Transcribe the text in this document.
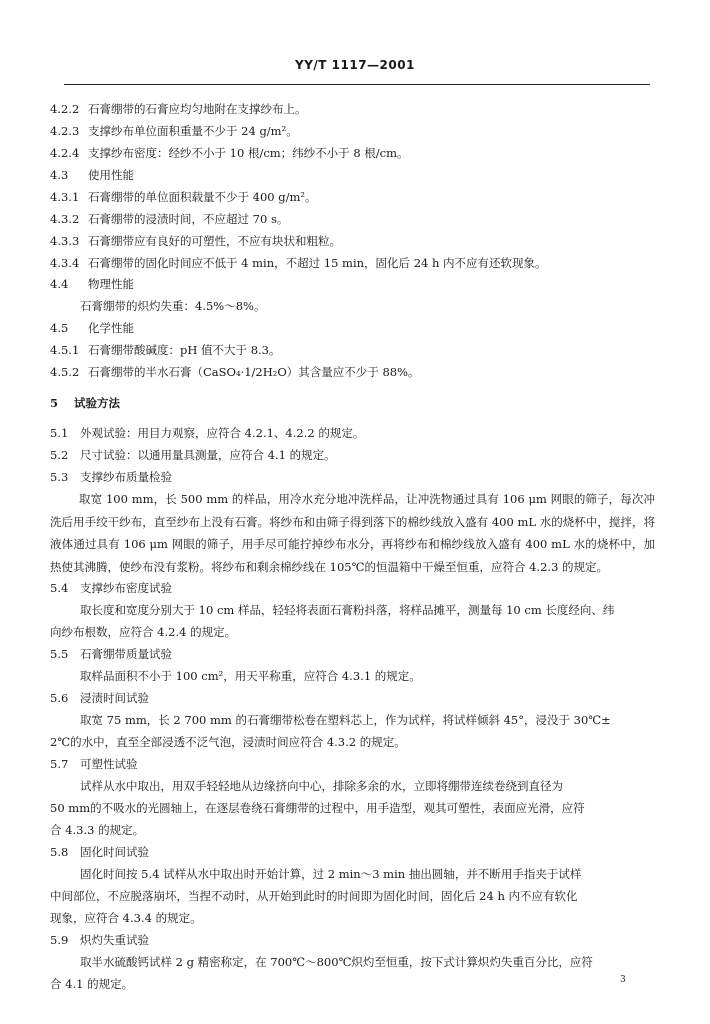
YY/T 1117—2001
4.2.2 石膏绷带的石膏应均匀地附在支撑纱布上。
4.2.3 支撑纱布单位面积重量不少于 24 g/m²。
4.2.4 支撑纱布密度：经纱不小于 10 根/cm；纬纱不小于 8 根/cm。
4.3 使用性能
4.3.1 石膏绷带的单位面积载量不少于 400 g/m²。
4.3.2 石膏绷带的浸渍时间，不应超过 70 s。
4.3.3 石膏绷带应有良好的可塑性，不应有块状和粗粒。
4.3.4 石膏绷带的固化时间应不低于 4 min，不超过 15 min，固化后 24 h 内不应有还软现象。
4.4 物理性能
石膏绷带的炽灼失重：4.5%～8%。
4.5 化学性能
4.5.1 石膏绷带酸碱度：pH 值不大于 8.3。
4.5.2 石膏绷带的半水石膏（CaSO₄·1/2H₂O）其含量应不少于 88%。
5 试验方法
5.1 外观试验：用目力观察，应符合 4.2.1、4.2.2 的规定。
5.2 尺寸试验：以通用量具测量，应符合 4.1 的规定。
5.3 支撑纱布质量检验
取宽 100 mm，长 500 mm 的样品，用冷水充分地冲洗样品，让冲洗物通过具有 106 μm 网眼的筛子，每次冲洗后用手绞干纱布，直至纱布上没有石膏。将纱布和由筛子得到落下的棉纱线放入盛有 400 mL 水的烧杯中，搅拌，将液体通过具有 106 μm 网眼的筛子，用手尽可能拧掉纱布水分，再将纱布和棉纱线放入盛有 400 mL 水的烧杯中，加热使其沸腾，使纱布没有浆粉。将纱布和剩余棉纱线在 105℃的恒温箱中干燥至恒重，应符合 4.2.3 的规定。
5.4 支撑纱布密度试验
取长度和宽度分别大于 10 cm 样品，轻轻将表面石膏粉抖落，将样品摊平，测量每 10 cm 长度经向、纬
向纱布根数，应符合 4.2.4 的规定。
5.5 石膏绷带质量试验
取样品面积不小于 100 cm²，用天平称重，应符合 4.3.1 的规定。
5.6 浸渍时间试验
取宽 75 mm，长 2 700 mm 的石膏绷带松卷在塑料芯上，作为试样，将试样倾斜 45°，浸没于 30℃±
2℃的水中，直至全部浸透不泛气泡，浸渍时间应符合 4.3.2 的规定。
5.7 可塑性试验
试样从水中取出，用双手轻轻地从边缘挤向中心，排除多余的水，立即将绷带连续卷绕到直径为
50 mm的不吸水的光圆轴上，在逐层卷绕石膏绷带的过程中，用手造型，观其可塑性，表面应光滑，应符
合 4.3.3 的规定。
5.8 固化时间试验
固化时间按 5.4 试样从水中取出时开始计算，过 2 min～3 min 抽出圆轴，并不断用手指夹于试样
中间部位，不应脱落崩坏，当捏不动时，从开始到此时的时间即为固化时间，固化后 24 h 内不应有软化
现象，应符合 4.3.4 的规定。
5.9 炽灼失重试验
取半水硫酸钙试样 2 g 精密称定，在 700℃～800℃炽灼至恒重，按下式计算炽灼失重百分比，应符
合 4.1 的规定。	3
